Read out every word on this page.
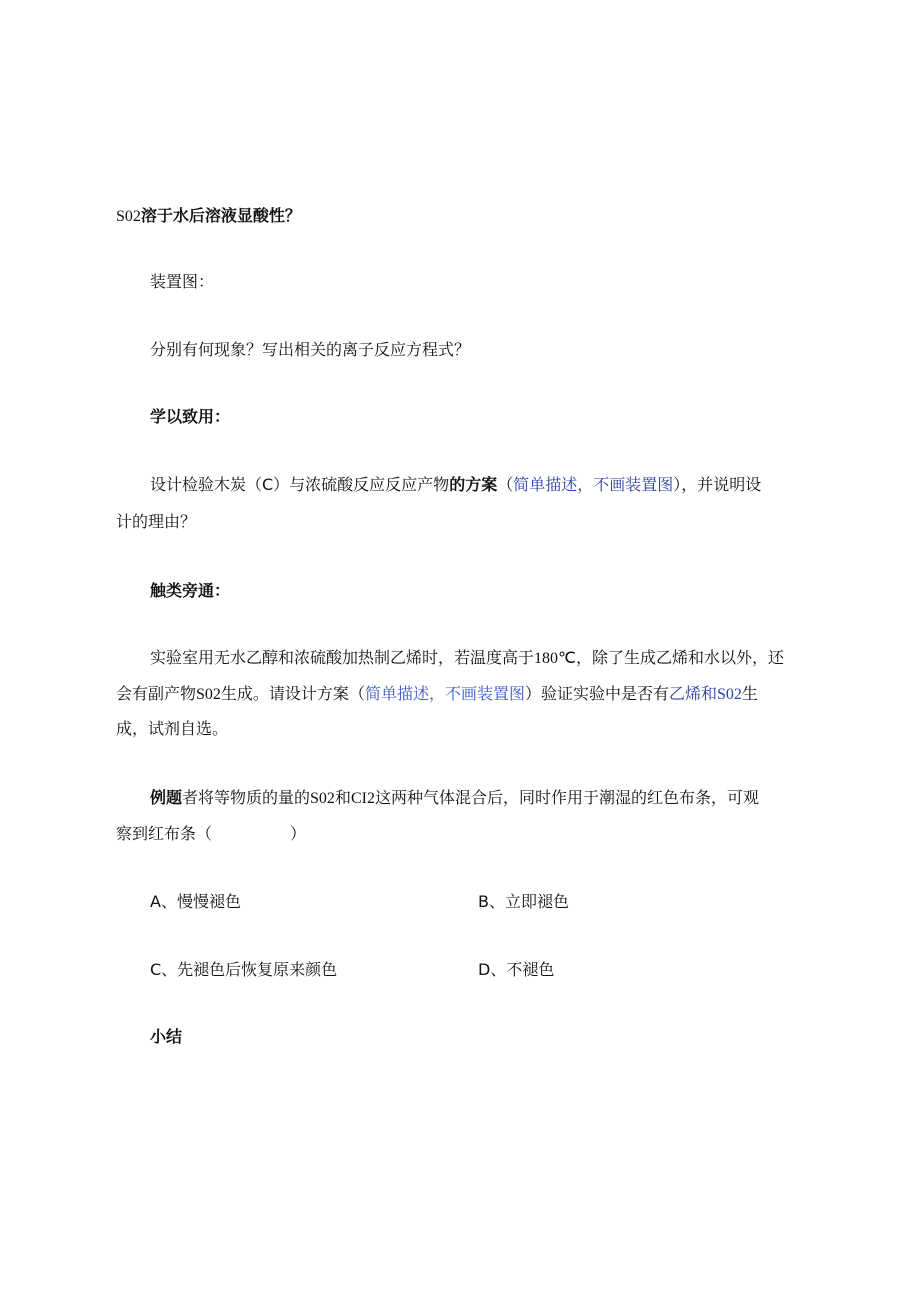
S02溶于水后溶液显酸性？
装置图：
分别有何现象？写出相关的离子反应方程式？
学以致用：
设计检验木炭（C）与浓硫酸反应反应产物的方案（简单描述，不画装置图），并说明设
计的理由？
触类旁通：
实验室用无水乙醇和浓硫酸加热制乙烯时，若温度高于180℃，除了生成乙烯和水以外，还
会有副产物S02生成。请设计方案（简单描述，不画装置图）验证实验中是否有乙烯和S02生
成，试剂自选。
例题者将等物质的量的S02和CI2这两种气体混合后，同时作用于潮湿的红色布条，可观
察到红布条（	）
A、慢慢褪色	B、立即褪色
C、先褪色后恢复原来颜色	D、不褪色
小结
